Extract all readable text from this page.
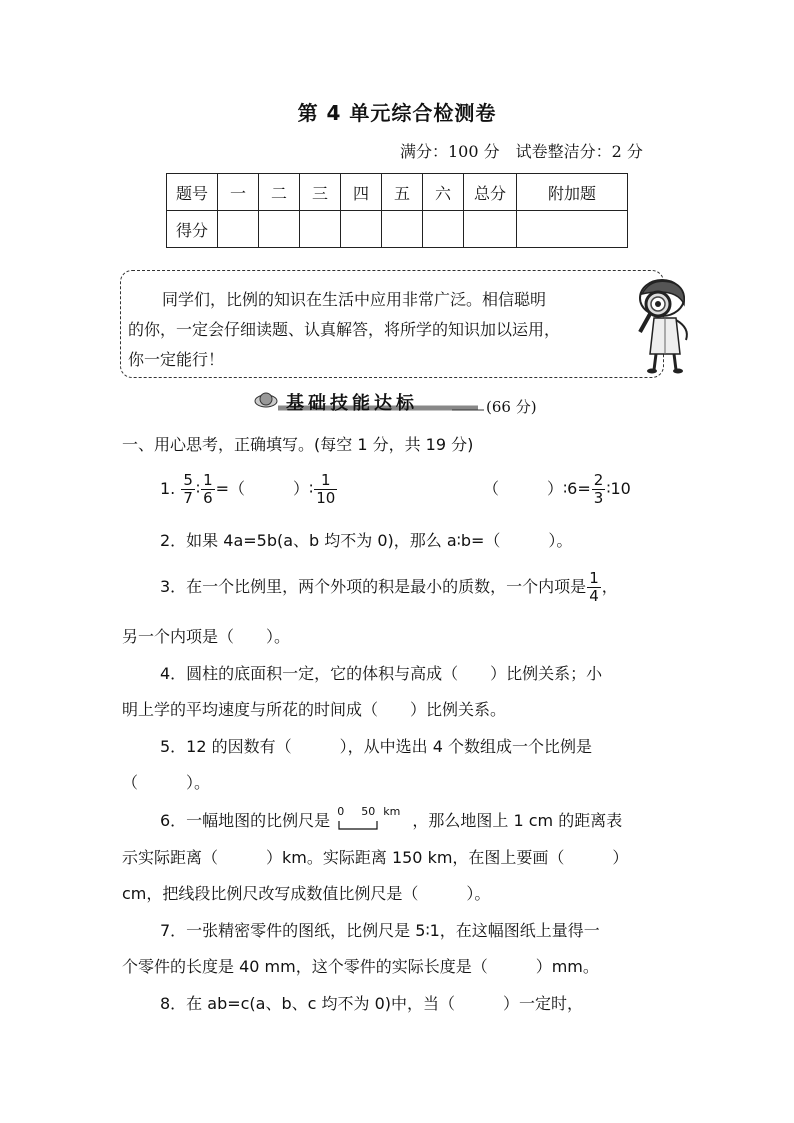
第 4 单元综合检测卷
满分：100 分　试卷整洁分：2 分
题号	一	二	三	四	五	六	总分	附加题
得分								
同学们，比例的知识在生活中应用非常广泛。相信聪明
的你，一定会仔细读题、认真解答，将所学的知识加以运用，
你一定能行！
基础技能达标	(66 分)
一、用心思考，正确填写。(每空 1 分，共 19 分)
1. $\frac{5}{7}$ ∶ $\frac{1}{6}$ =（　　　）∶ $\frac{1}{10}$	（　　　）∶6= $\frac{2}{3}$ ∶10
2．如果 4a=5b(a、b 均不为 0)，那么 a∶b=（　　　）。
3．在一个比例里，两个外项的积是最小的质数，一个内项是 $\frac{1}{4}$ ，
另一个内项是（　　）。
4．圆柱的底面积一定，它的体积与高成（　　）比例关系；小
明上学的平均速度与所花的时间成（　　）比例关系。
5．12 的因数有（　　　），从中选出 4 个数组成一个比例是
（　　　）。
6．一幅地图的比例尺是 0 50 km ，那么地图上 1 cm 的距离表
示实际距离（　　　）km。实际距离 150 km，在图上要画（　　　）
cm，把线段比例尺改写成数值比例尺是（　　　）。
7．一张精密零件的图纸，比例尺是 5∶1，在这幅图纸上量得一
个零件的长度是 40 mm，这个零件的实际长度是（　　　）mm。
8．在 ab=c(a、b、c 均不为 0)中，当（　　　）一定时，
